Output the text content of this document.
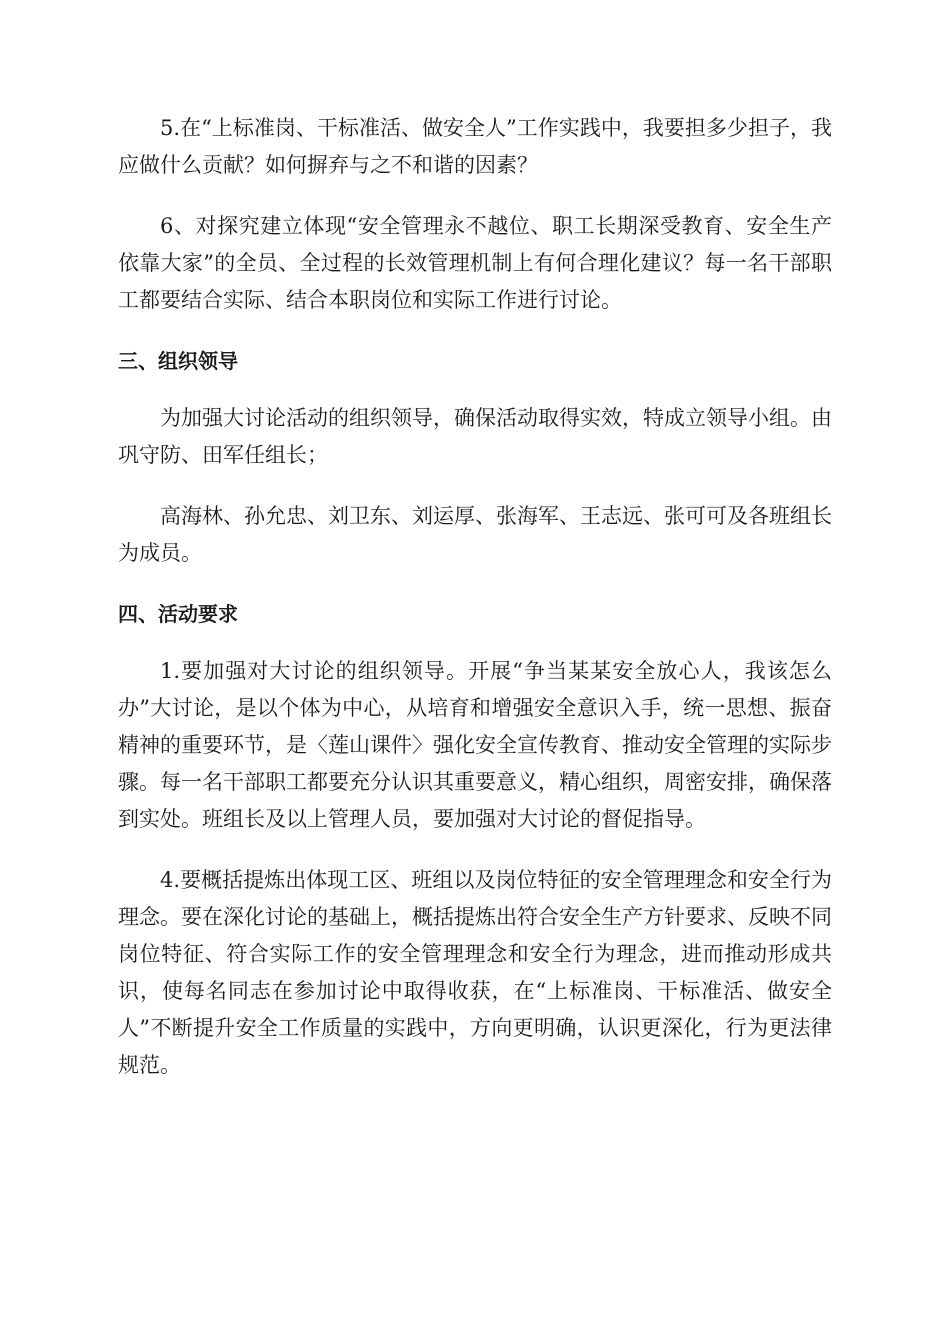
5.在“上标准岗、干标准活、做安全人”工作实践中，我要担多少担子，我应做什么贡献？如何摒弃与之不和谐的因素？

6、对探究建立体现“安全管理永不越位、职工长期深受教育、安全生产依靠大家”的全员、全过程的长效管理机制上有何合理化建议？每一名干部职工都要结合实际、结合本职岗位和实际工作进行讨论。

三、组织领导

为加强大讨论活动的组织领导，确保活动取得实效，特成立领导小组。由巩守防、田军任组长；

高海林、孙允忠、刘卫东、刘运厚、张海军、王志远、张可可及各班组长为成员。

四、活动要求

1.要加强对大讨论的组织领导。开展“争当某某安全放心人，我该怎么办”大讨论，是以个体为中心，从培育和增强安全意识入手，统一思想、振奋精神的重要环节，是〈莲山课件〉强化安全宣传教育、推动安全管理的实际步骤。每一名干部职工都要充分认识其重要意义，精心组织，周密安排，确保落到实处。班组长及以上管理人员，要加强对大讨论的督促指导。

4.要概括提炼出体现工区、班组以及岗位特征的安全管理理念和安全行为理念。要在深化讨论的基础上，概括提炼出符合安全生产方针要求、反映不同岗位特征、符合实际工作的安全管理理念和安全行为理念，进而推动形成共识，使每名同志在参加讨论中取得收获，在“上标准岗、干标准活、做安全人”不断提升安全工作质量的实践中，方向更明确，认识更深化，行为更法律规范。
